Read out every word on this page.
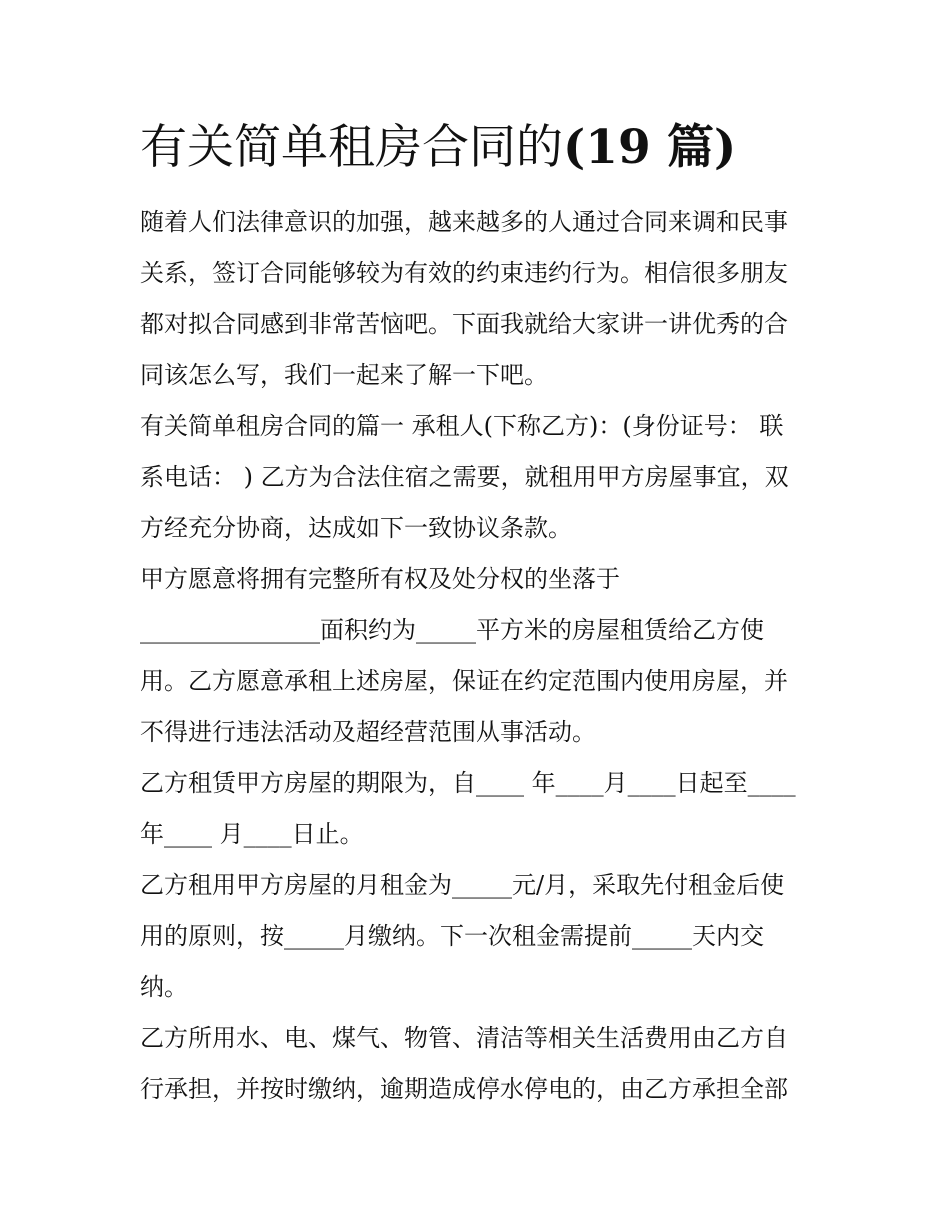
有关简单租房合同的(19 篇)
随着人们法律意识的加强，越来越多的人通过合同来调和民事
关系，签订合同能够较为有效的约束违约行为。相信很多朋友
都对拟合同感到非常苦恼吧。下面我就给大家讲一讲优秀的合
同该怎么写，我们一起来了解一下吧。
有关简单租房合同的篇一 承租人(下称乙方)：(身份证号： 联
系电话： ) 乙方为合法住宿之需要，就租用甲方房屋事宜，双
方经充分协商，达成如下一致协议条款。
甲方愿意将拥有完整所有权及处分权的坐落于
_______________面积约为_____平方米的房屋租赁给乙方使
用。乙方愿意承租上述房屋，保证在约定范围内使用房屋，并
不得进行违法活动及超经营范围从事活动。
乙方租赁甲方房屋的期限为，自____ 年____月____日起至____
年____ 月____日止。
乙方租用甲方房屋的月租金为_____元/月，采取先付租金后使
用的原则，按_____月缴纳。下一次租金需提前_____天内交
纳。
乙方所用水、电、煤气、物管、清洁等相关生活费用由乙方自
行承担，并按时缴纳，逾期造成停水停电的，由乙方承担全部
